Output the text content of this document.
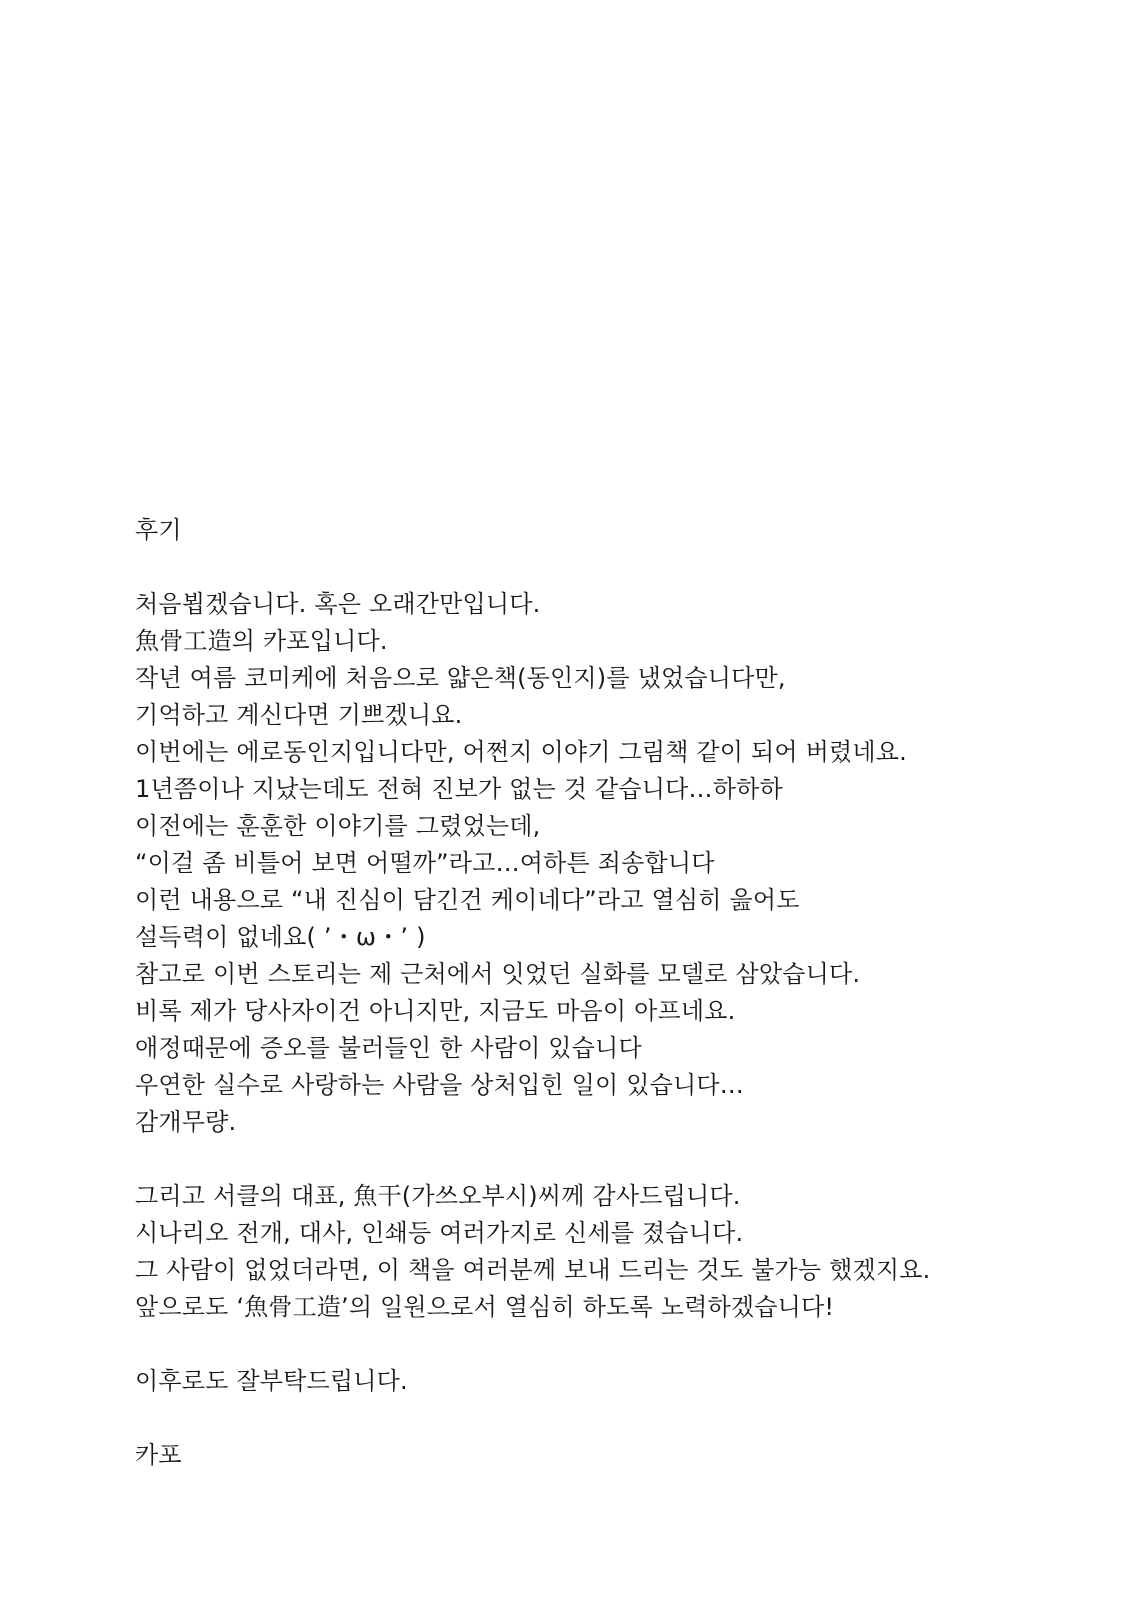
후기
처음뵙겠습니다. 혹은 오래간만입니다.
魚骨工造의 카포입니다.
작년 여름 코미케에 처음으로 얇은책(동인지)를 냈었습니다만,
기억하고 계신다면 기쁘겠니요.
이번에는 에로동인지입니다만, 어쩐지 이야기 그림책 같이 되어 버렸네요.
1년쯤이나 지났는데도 전혀 진보가 없는 것 같습니다…하하하
이전에는 훈훈한 이야기를 그렸었는데,
“이걸 좀 비틀어 보면 어떨까”라고…여하튼 죄송합니다
이런 내용으로 “내 진심이 담긴건 케이네다”라고 열심히 읊어도
설득력이 없네요( ’・ω・’ )
참고로 이번 스토리는 제 근처에서 잇었던 실화를 모델로 삼았습니다.
비록 제가 당사자이건 아니지만, 지금도 마음이 아프네요.
애정때문에 증오를 불러들인 한 사람이 있습니다
우연한 실수로 사랑하는 사람을 상처입힌 일이 있습니다…
감개무량.
그리고 서클의 대표, 魚干(가쓰오부시)씨께 감사드립니다.
시나리오 전개, 대사, 인쇄등 여러가지로 신세를 졌습니다.
그 사람이 없었더라면, 이 책을 여러분께 보내 드리는 것도 불가능 했겠지요.
앞으로도 ‘魚骨工造’의 일원으로서 열심히 하도록 노력하겠습니다!
이후로도 잘부탁드립니다.
카포
